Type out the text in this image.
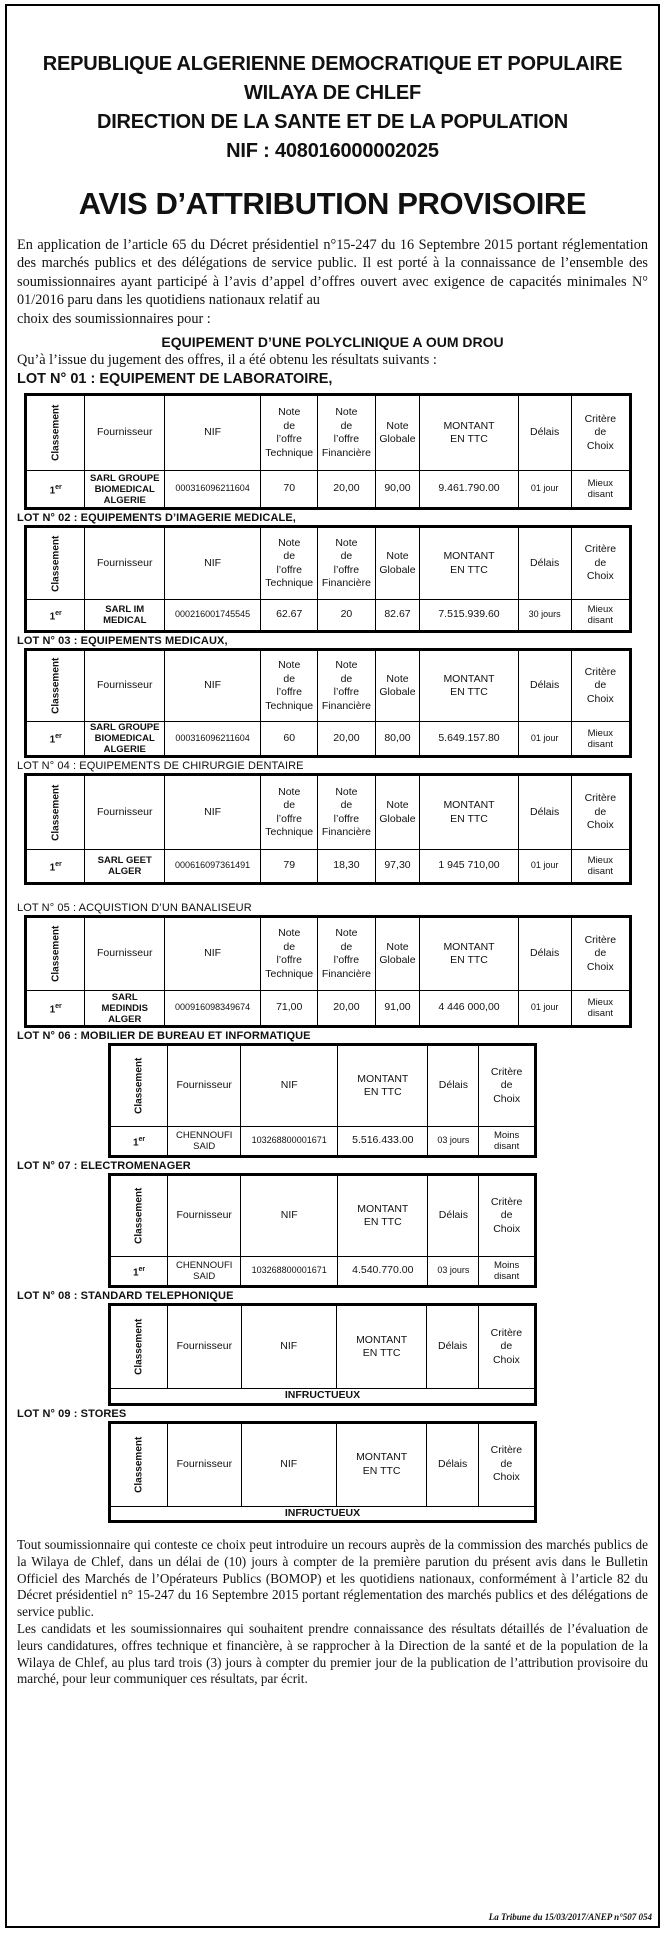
REPUBLIQUE ALGERIENNE DEMOCRATIQUE ET POPULAIRE
WILAYA DE CHLEF
DIRECTION DE LA SANTE ET DE LA POPULATION
NIF : 408016000002025
AVIS D’ATTRIBUTION PROVISOIRE

En application de l’article 65 du Décret présidentiel n°15-247 du 16 Septembre 2015 portant réglementation des marchés publics et des délégations de service public. Il est porté à la connaissance de l’ensemble des soumissionnaires ayant participé à l’avis d’appel d’offres ouvert avec exigence de capacités minimales N° 01/2016 paru dans les quotidiens nationaux relatif au
choix des soumissionnaires pour :

EQUIPEMENT D’UNE POLYCLINIQUE A OUM DROU
Qu’à l’issue du jugement des offres, il a été obtenu les résultats suivants :
LOT N° 01 : EQUIPEMENT DE LABORATOIRE,
Classement	Fournisseur	NIF	Note
de
l’offre
Technique	Note
de
l’offre
Financière	Note
Globale	MONTANT
EN TTC	Délais	Critère
de
Choix
1er	SARL GROUPE
BIOMEDICAL
ALGERIE	000316096211604	70	20,00	90,00	9.461.790.00	01 jour	Mieux
disant
LOT N° 02 : EQUIPEMENTS D’IMAGERIE MEDICALE,
Classement	Fournisseur	NIF	Note
de
l’offre
Technique	Note
de
l’offre
Financière	Note
Globale	MONTANT
EN TTC	Délais	Critère
de
Choix
1er	SARL IM
MEDICAL	000216001745545	62.67	20	82.67	7.515.939.60	30 jours	Mieux
disant
LOT N° 03 : EQUIPEMENTS MEDICAUX,
Classement	Fournisseur	NIF	Note
de
l’offre
Technique	Note
de
l’offre
Financière	Note
Globale	MONTANT
EN TTC	Délais	Critère
de
Choix
1er	SARL GROUPE
BIOMEDICAL
ALGERIE	000316096211604	60	20,00	80,00	5.649.157.80	01 jour	Mieux
disant
LOT N° 04 : EQUIPEMENTS DE CHIRURGIE DENTAIRE
Classement	Fournisseur	NIF	Note
de
l’offre
Technique	Note
de
l’offre
Financière	Note
Globale	MONTANT
EN TTC	Délais	Critère
de
Choix
1er	SARL GEET
ALGER	000616097361491	79	18,30	97,30	1 945 710,00	01 jour	Mieux
disant
LOT N° 05 : ACQUISTION D’UN BANALISEUR
Classement	Fournisseur	NIF	Note
de
l’offre
Technique	Note
de
l’offre
Financière	Note
Globale	MONTANT
EN TTC	Délais	Critère
de
Choix
1er	SARL
MEDINDIS
ALGER	000916098349674	71,00	20,00	91,00	4 446 000,00	01 jour	Mieux
disant
LOT N° 06 : MOBILIER DE BUREAU ET INFORMATIQUE
Classement	Fournisseur	NIF	MONTANT
EN TTC	Délais	Critère
de
Choix
1er	CHENNOUFI
SAID	103268800001671	5.516.433.00	03 jours	Moins
disant
LOT N° 07 : ELECTROMENAGER
Classement	Fournisseur	NIF	MONTANT
EN TTC	Délais	Critère
de
Choix
1er	CHENNOUFI
SAID	103268800001671	4.540.770.00	03 jours	Moins
disant
LOT N° 08 : STANDARD TELEPHONIQUE
Classement	Fournisseur	NIF	MONTANT
EN TTC	Délais	Critère
de
Choix
INFRUCTUEUX
LOT N° 09 : STORES
Classement	Fournisseur	NIF	MONTANT
EN TTC	Délais	Critère
de
Choix
INFRUCTUEUX

Tout soumissionnaire qui conteste ce choix peut introduire un recours auprès de la commission des marchés publics de la Wilaya de Chlef, dans un délai de (10) jours à compter de la première parution du présent avis dans le Bulletin Officiel des Marchés de l’Opérateurs Publics (BOMOP) et les quotidiens nationaux, conformément à l’article 82 du Décret présidentiel n° 15-247 du 16 Septembre 2015 portant réglementation des marchés publics et des délégations de service public.

Les candidats et les soumissionnaires qui souhaitent prendre connaissance des résultats détaillés de l’évaluation de leurs candidatures, offres technique et financière, à se rapprocher à la Direction de la santé et de la population de la Wilaya de Chlef, au plus tard trois (3) jours à compter du premier jour de la publication de l’attribution provisoire du marché, pour leur communiquer ces résultats, par écrit.

La Tribune du 15/03/2017/ANEP n°507 054
